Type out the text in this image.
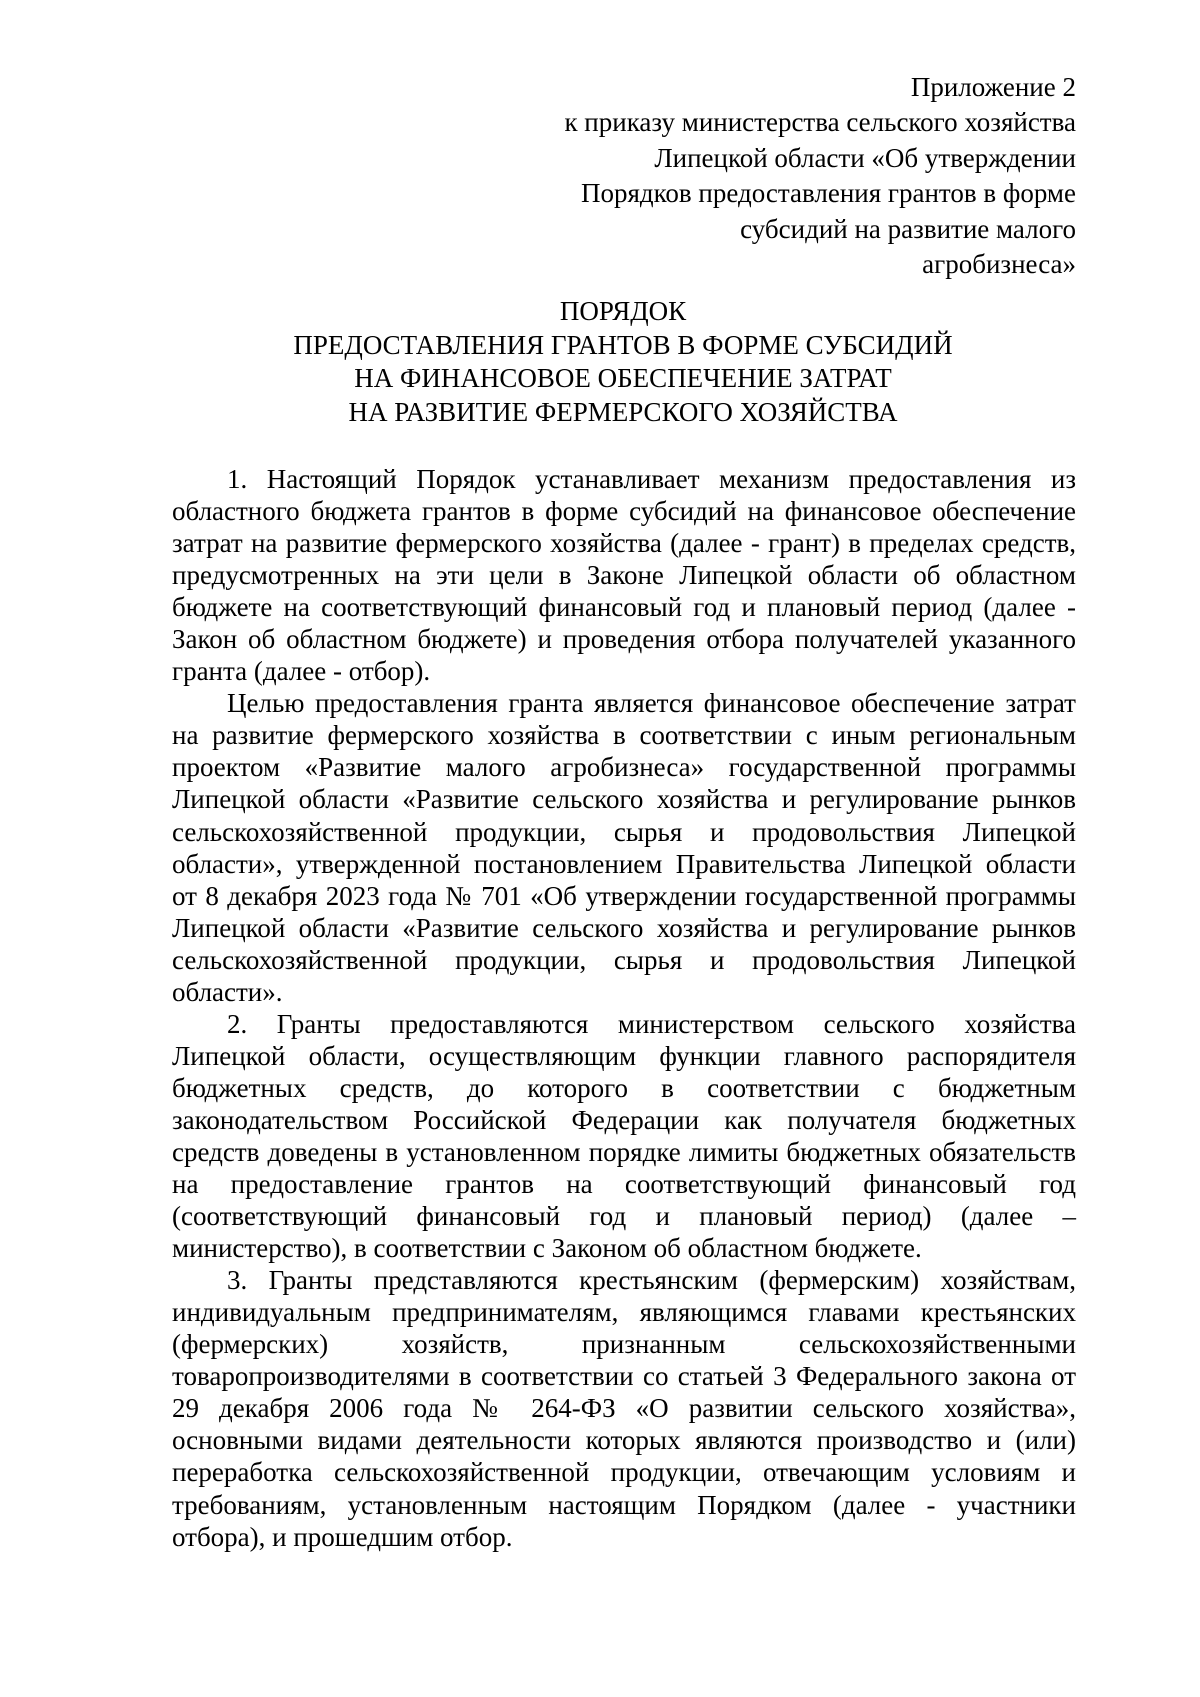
Приложение 2
к приказу министерства сельского хозяйства
Липецкой области «Об утверждении
Порядков предоставления грантов в форме
субсидий на развитие малого
агробизнеса»
ПОРЯДОК
ПРЕДОСТАВЛЕНИЯ ГРАНТОВ В ФОРМЕ СУБСИДИЙ
НА ФИНАНСОВОЕ ОБЕСПЕЧЕНИЕ ЗАТРАТ
НА РАЗВИТИЕ ФЕРМЕРСКОГО ХОЗЯЙСТВА
1. Настоящий Порядок устанавливает механизм предоставления из
областного бюджета грантов в форме субсидий на финансовое обеспечение
затрат на развитие фермерского хозяйства (далее - грант) в пределах средств,
предусмотренных на эти цели в Законе Липецкой области об областном
бюджете на соответствующий финансовый год и плановый период (далее -
Закон об областном бюджете) и проведения отбора получателей указанного
гранта (далее - отбор).
Целью предоставления гранта является финансовое обеспечение затрат
на развитие фермерского хозяйства в соответствии с иным региональным
проектом «Развитие малого агробизнеса» государственной программы
Липецкой области «Развитие сельского хозяйства и регулирование рынков
сельскохозяйственной продукции, сырья и продовольствия Липецкой
области», утвержденной постановлением Правительства Липецкой области
от 8 декабря 2023 года № 701 «Об утверждении государственной программы
Липецкой области «Развитие сельского хозяйства и регулирование рынков
сельскохозяйственной продукции, сырья и продовольствия Липецкой
области».
2. Гранты предоставляются министерством сельского хозяйства
Липецкой области, осуществляющим функции главного распорядителя
бюджетных средств, до которого в соответствии с бюджетным
законодательством Российской Федерации как получателя бюджетных
средств доведены в установленном порядке лимиты бюджетных обязательств
на предоставление грантов на соответствующий финансовый год
(соответствующий финансовый год и плановый период) (далее –
министерство), в соответствии с Законом об областном бюджете.
3. Гранты представляются крестьянским (фермерским) хозяйствам,
индивидуальным предпринимателям, являющимся главами крестьянских
(фермерских) хозяйств, признанным сельскохозяйственными
товаропроизводителями в соответствии со статьей 3 Федерального закона от
29 декабря 2006 года № 264-ФЗ «О развитии сельского хозяйства»,
основными видами деятельности которых являются производство и (или)
переработка сельскохозяйственной продукции, отвечающим условиям и
требованиям, установленным настоящим Порядком (далее - участники
отбора), и прошедшим отбор.
